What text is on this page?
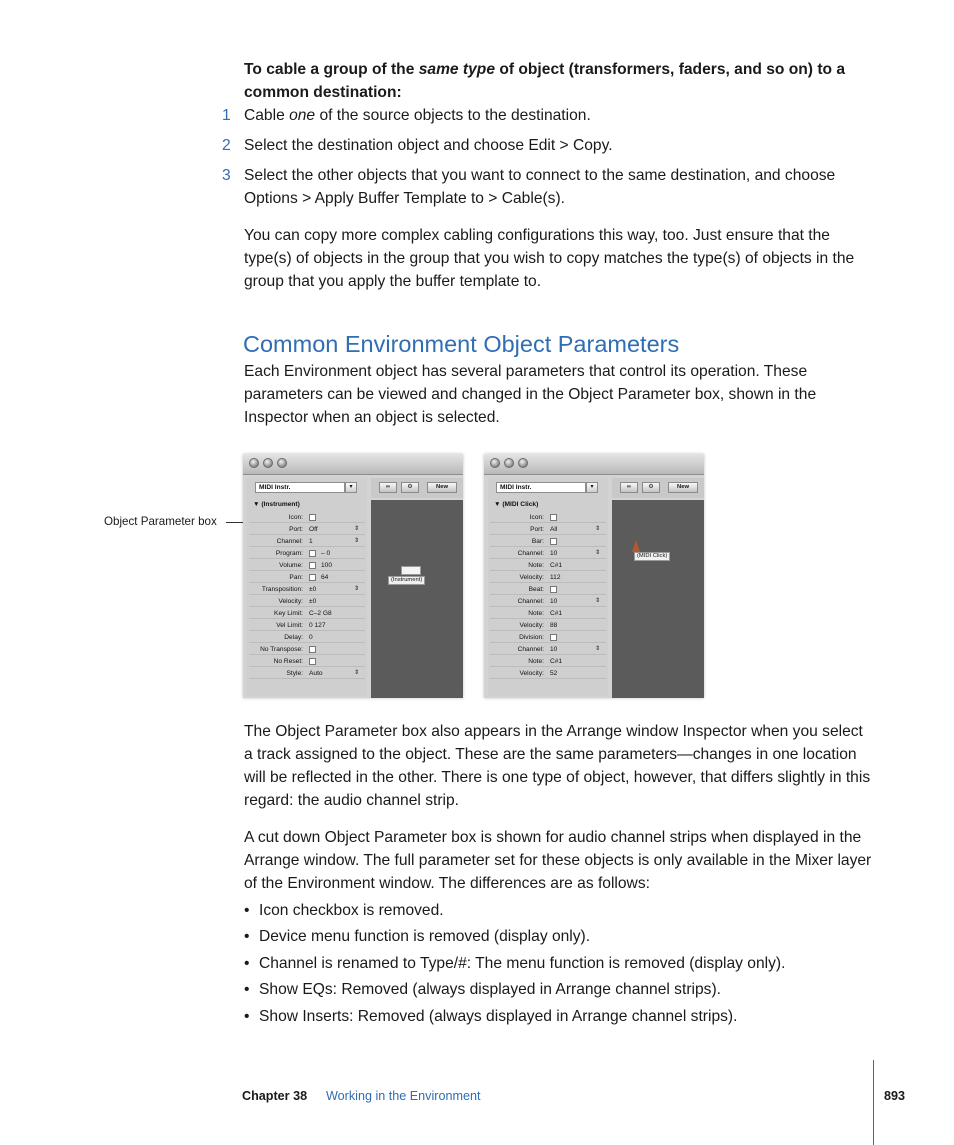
To cable a group of the same type of object (transformers, faders, and so on) to a common destination:
1 Cable one of the source objects to the destination.
2 Select the destination object and choose Edit > Copy.
3 Select the other objects that you want to connect to the same destination, and choose Options > Apply Buffer Template to > Cable(s).
You can copy more complex cabling configurations this way, too. Just ensure that the type(s) of objects in the group that you wish to copy matches the type(s) of objects in the group that you apply the buffer template to.
Common Environment Object Parameters
Each Environment object has several parameters that control its operation. These parameters can be viewed and changed in the Object Parameter box, shown in the Inspector when an object is selected.
Object Parameter box
MIDI Instr.	▾
▼ (Instrument)
Icon:
Port: Off	⇕
Channel: 1	⇕
Program:	– 0
Volume:	100
Pan:	64
Transposition: ±0	⇕
Velocity: ±0
Key Limit: C–2 G8
Vel Limit: 0 127
Delay: 0
No Transpose:
No Reset:
Style: Auto	⇕
∞	⚙	New
(Instrument)
MIDI Instr.	▾
▼ (MIDI Click)
Icon:
Port: All	⇕
Bar:
Channel: 10	⇕
Note: C#1
Velocity: 112
Beat:
Channel: 10	⇕
Note: C#1
Velocity: 88
Division:
Channel: 10	⇕
Note: C#1
Velocity: 52
∞	⚙	New
(MIDI Click)
The Object Parameter box also appears in the Arrange window Inspector when you select a track assigned to the object. These are the same parameters—changes in one location will be reflected in the other. There is one type of object, however, that differs slightly in this regard: the audio channel strip.
A cut down Object Parameter box is shown for audio channel strips when displayed in the Arrange window. The full parameter set for these objects is only available in the Mixer layer of the Environment window. The differences are as follows:
• Icon checkbox is removed.
• Device menu function is removed (display only).
• Channel is renamed to Type/#: The menu function is removed (display only).
• Show EQs: Removed (always displayed in Arrange channel strips).
• Show Inserts: Removed (always displayed in Arrange channel strips).
Chapter 38 Working in the Environment	893
